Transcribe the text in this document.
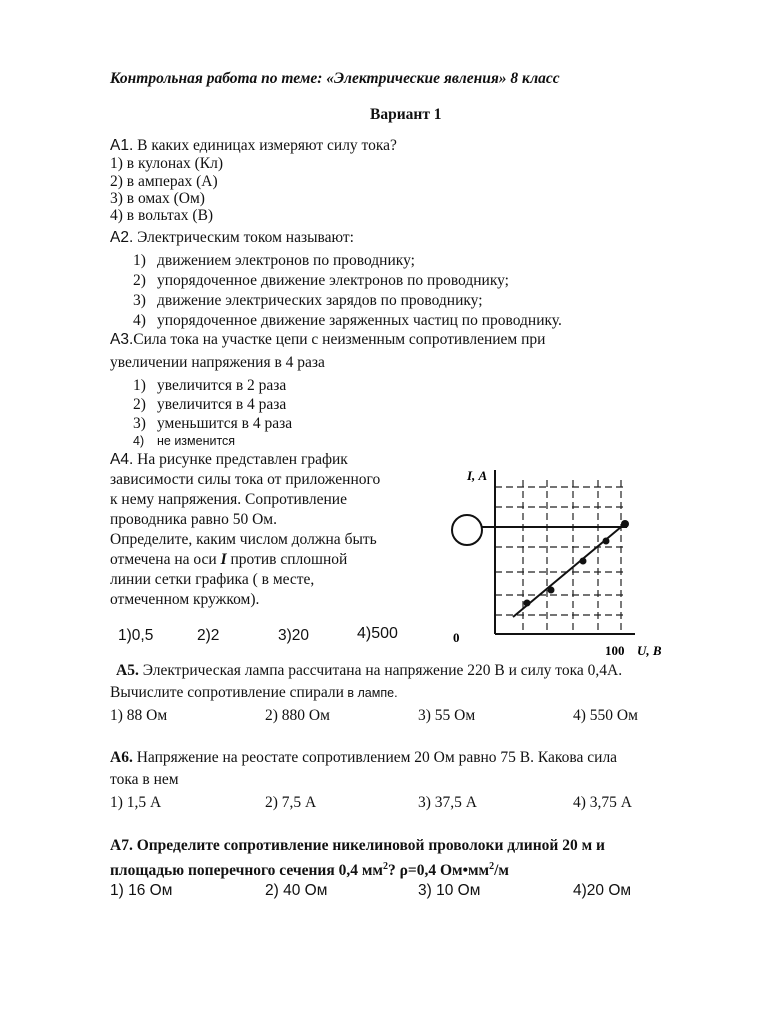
Контрольная работа по теме: «Электрические явления» 8 класс
Вариант 1
А1. В каких единицах измеряют силу тока?
1) в кулонах (Кл)
2) в амперах (А)
3) в омах (Ом)
4) в вольтах (В)
А2. Электрическим током называют:
1) движением электронов по проводнику;
2) упорядоченное движение электронов по проводнику;
3) движение электрических зарядов по проводнику;
4) упорядоченное движение заряженных частиц по проводнику.
А3.Сила тока на участке цепи с неизменным сопротивлением при
увеличении напряжения в 4 раза
1) увеличится в 2 раза
2) увеличится в 4 раза
3) уменьшится в 4 раза
4) не изменится
А4. На рисунке представлен график
зависимости силы тока от приложенного
к нему напряжения. Сопротивление
проводника равно 50 Ом.
Определите, каким числом должна быть
отмечена на оси I против сплошной
линии сетки графика ( в месте,
отмеченном кружком).
1)0,5	2)2	3)20	4)500
I, А
0
100 U, В
А5. Электрическая лампа рассчитана на напряжение 220 В и силу тока 0,4А.
Вычислите сопротивление спирали в лампе.
1) 88 Ом	2) 880 Ом	3) 55 Ом	4) 550 Ом
А6. Напряжение на реостате сопротивлением 20 Ом равно 75 В. Какова сила
тока в нем
1) 1,5 А	2) 7,5 А	3) 37,5 А	4) 3,75 А
А7. Определите сопротивление никелиновой проволоки длиной 20 м и
площадью поперечного сечения 0,4 $мм^2$? ρ=0,4 $Ом•мм^2/м$
1) 16 Ом	2) 40 Ом	3) 10 Ом	4)20 Ом
